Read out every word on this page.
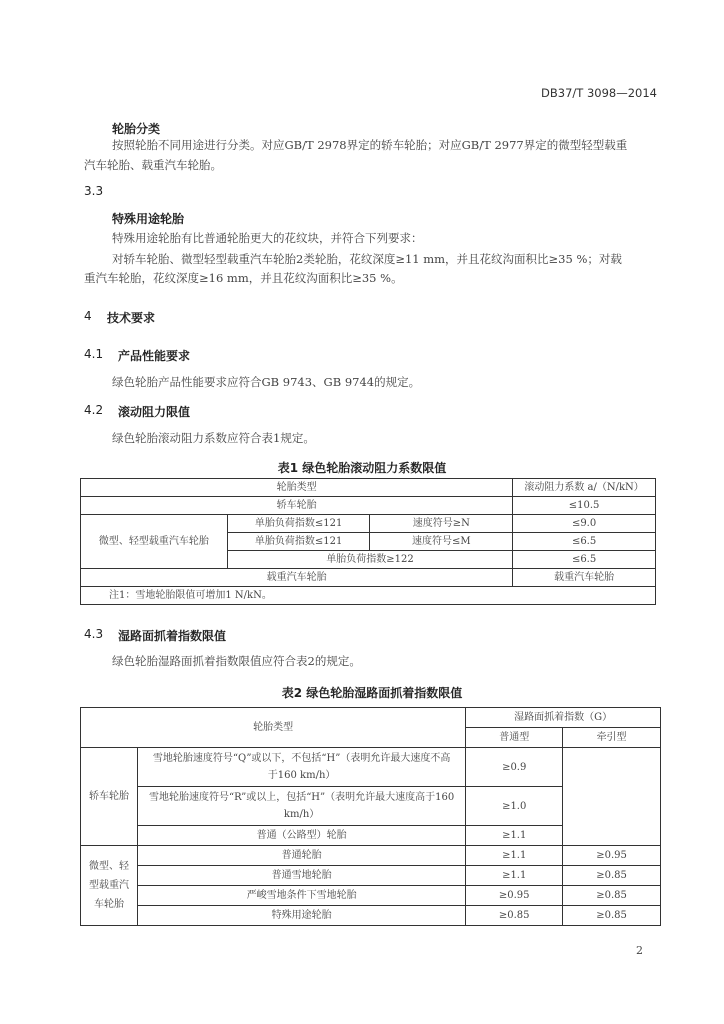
DB37/T 3098—2014
轮胎分类
按照轮胎不同用途进行分类。对应GB/T 2978界定的轿车轮胎；对应GB/T 2977界定的微型轻型载重
汽车轮胎、载重汽车轮胎。
3.3
特殊用途轮胎
特殊用途轮胎有比普通轮胎更大的花纹块，并符合下列要求：
对轿车轮胎、微型轻型载重汽车轮胎2类轮胎，花纹深度≥11 mm，并且花纹沟面积比≥35 %；对载
重汽车轮胎，花纹深度≥16 mm，并且花纹沟面积比≥35 %。
4 技术要求
4.1 产品性能要求
绿色轮胎产品性能要求应符合GB 9743、GB 9744的规定。
4.2 滚动阻力限值
绿色轮胎滚动阻力系数应符合表1规定。
表1 绿色轮胎滚动阻力系数限值
轮胎类型			滚动阻力系数 a/（N/kN）
轿车轮胎			≤10.5
微型、轻型载重汽车轮胎	单胎负荷指数≤121	速度符号≥N	≤9.0
	单胎负荷指数≤121	速度符号≤M	≤6.5
	单胎负荷指数≥122		≤6.5
载重汽车轮胎			载重汽车轮胎
注1：雪地轮胎限值可增加1 N/kN。			
4.3 湿路面抓着指数限值
绿色轮胎湿路面抓着指数限值应符合表2的规定。
表2 绿色轮胎湿路面抓着指数限值
轮胎类型		湿路面抓着指数（G）	
		普通型	牵引型
轿车轮胎	雪地轮胎速度符号“Q”或以下，不包括“H”（表明允许最大速度不高于160 km/h）	≥0.9	
	雪地轮胎速度符号“R”或以上，包括“H”（表明允许最大速度高于160 km/h）	≥1.0	
	普通（公路型）轮胎	≥1.1	
微型、轻型载重汽车轮胎	普通轮胎	≥1.1	≥0.95
	普通雪地轮胎	≥1.1	≥0.85
	严峻雪地条件下雪地轮胎	≥0.95	≥0.85
	特殊用途轮胎	≥0.85	≥0.85
2
